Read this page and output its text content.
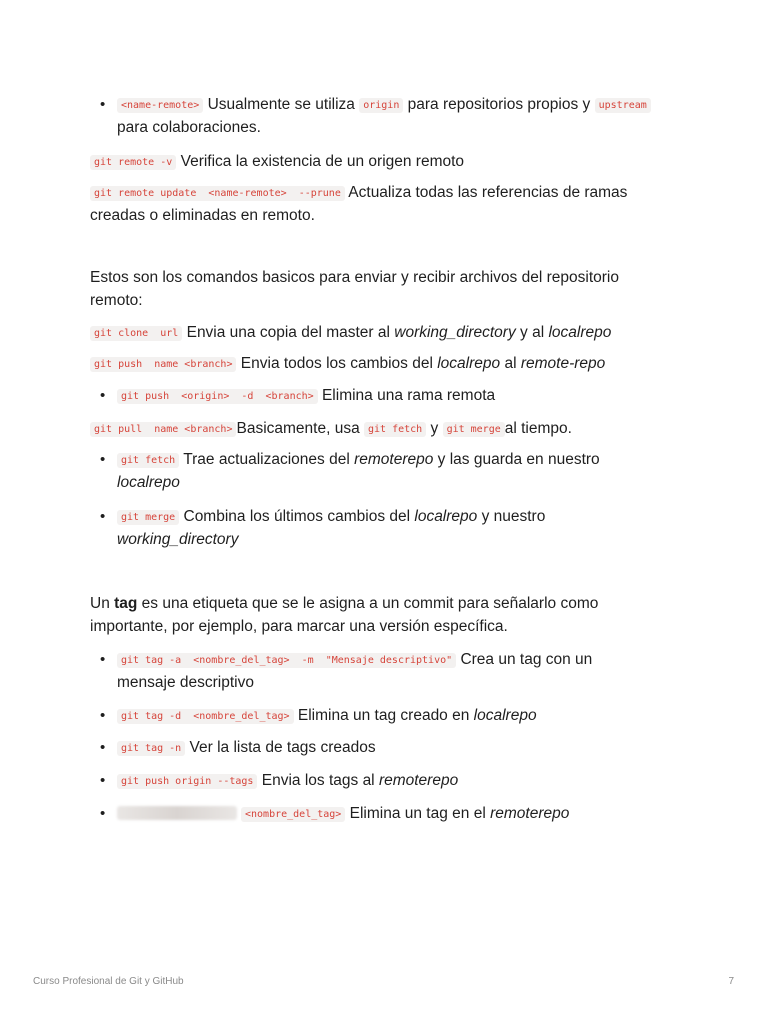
• <name-remote> Usualmente se utiliza origin para repositorios propios y upstream
para colaboraciones.
git remote -v Verifica la existencia de un origen remoto
git remote update  <name-remote>  --prune Actualiza todas las referencias de ramas
creadas o eliminadas en remoto.
Estos son los comandos basicos para enviar y recibir archivos del repositorio
remoto:
git clone  url Envia una copia del master al working_directory y al localrepo
git push  name <branch> Envia todos los cambios del localrepo al remote-repo
• git push  <origin>  -d  <branch> Elimina una rama remota
git pull  name <branch> Basicamente, usa git fetch y git merge al tiempo.
• git fetch Trae actualizaciones del remoterepo y las guarda en nuestro
localrepo
• git merge Combina los últimos cambios del localrepo y nuestro
working_directory
Un tag es una etiqueta que se le asigna a un commit para señalarlo como
importante, por ejemplo, para marcar una versión específica.
• git tag -a  <nombre_del_tag>  -m  "Mensaje descriptivo" Crea un tag con un
mensaje descriptivo
• git tag -d  <nombre_del_tag> Elimina un tag creado en localrepo
• git tag -n Ver la lista de tags creados
• git push origin --tags Envia los tags al remoterepo
•	<nombre_del_tag> Elimina un tag en el remoterepo
Curso Profesional de Git y GitHub	7
